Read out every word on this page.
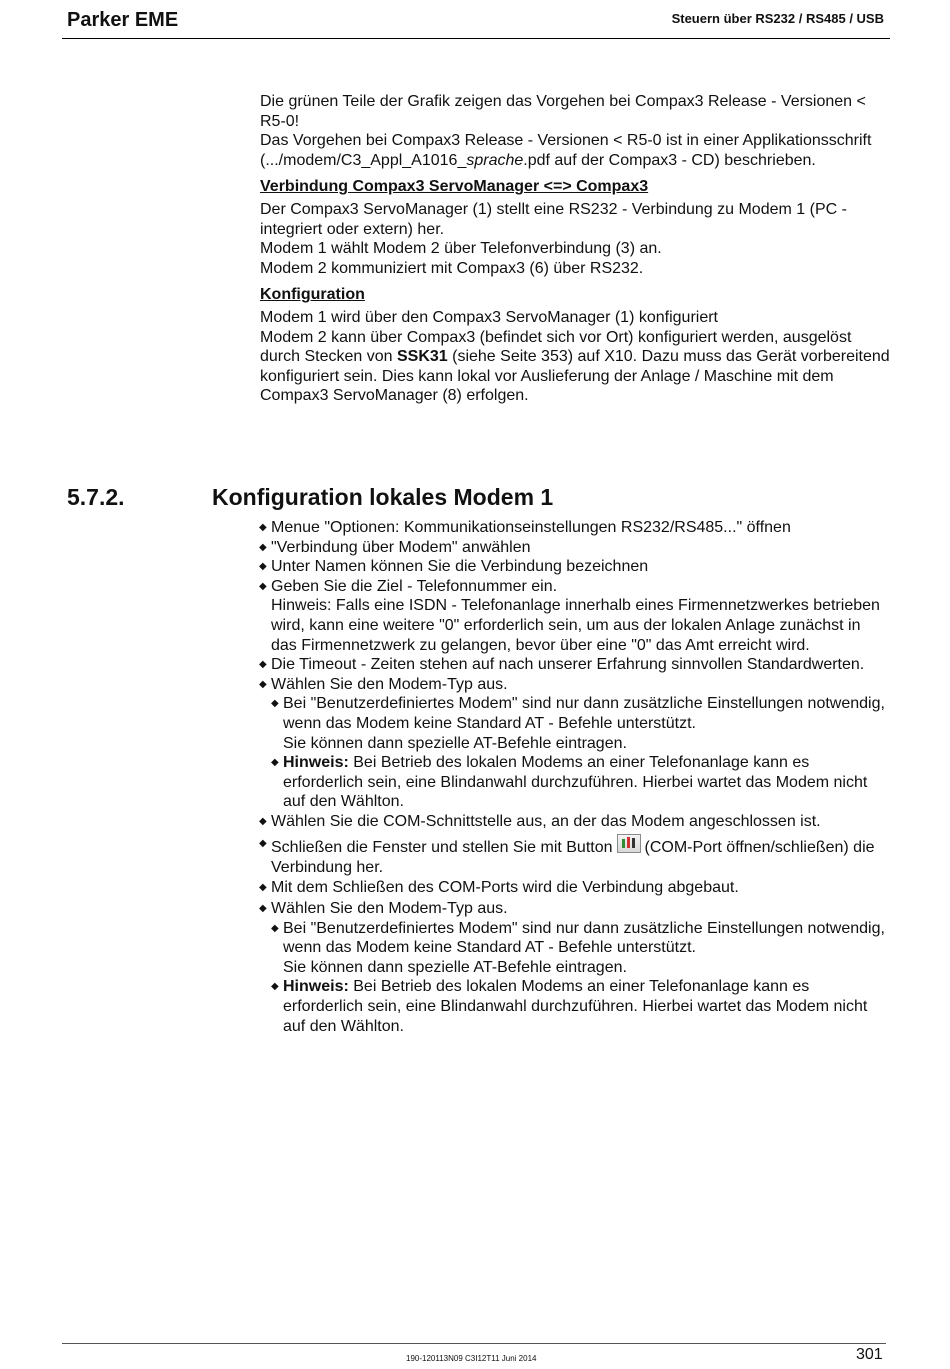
Parker EME	Steuern über RS232 / RS485 / USB

Die grünen Teile der Grafik zeigen das Vorgehen bei Compax3 Release - Versionen < R5-0!

Das Vorgehen bei Compax3 Release - Versionen < R5-0 ist in einer Applikationsschrift (.../modem/C3_Appl_A1016_sprache.pdf auf der Compax3 - CD) beschrieben.

Verbindung Compax3 ServoManager <=> Compax3

Der Compax3 ServoManager (1) stellt eine RS232 - Verbindung zu Modem 1 (PC - integriert oder extern) her.

Modem 1 wählt Modem 2 über Telefonverbindung (3) an.

Modem 2 kommuniziert mit Compax3 (6) über RS232.

Konfiguration

Modem 1 wird über den Compax3 ServoManager (1) konfiguriert

Modem 2 kann über Compax3 (befindet sich vor Ort) konfiguriert werden, ausgelöst durch Stecken von SSK31 (siehe Seite 353) auf X10. Dazu muss das Gerät vorbereitend konfiguriert sein. Dies kann lokal vor Auslieferung der Anlage / Maschine mit dem Compax3 ServoManager (8) erfolgen.

5.7.2.	Konfiguration lokales Modem 1
◆ Menue "Optionen: Kommunikationseinstellungen RS232/RS485..." öffnen
◆ "Verbindung über Modem" anwählen
◆ Unter Namen können Sie die Verbindung bezeichnen
◆ Geben Sie die Ziel - Telefonnummer ein.
Hinweis: Falls eine ISDN - Telefonanlage innerhalb eines Firmennetzwerkes betrieben wird, kann eine weitere "0" erforderlich sein, um aus der lokalen Anlage zunächst in das Firmennetzwerk zu gelangen, bevor über eine "0" das Amt erreicht wird.
◆ Die Timeout - Zeiten stehen auf nach unserer Erfahrung sinnvollen Standardwerten.
◆ Wählen Sie den Modem-Typ aus.
◆ Bei "Benutzerdefiniertes Modem" sind nur dann zusätzliche Einstellungen notwendig, wenn das Modem keine Standard AT - Befehle unterstützt.
Sie können dann spezielle AT-Befehle eintragen.
◆ Hinweis: Bei Betrieb des lokalen Modems an einer Telefonanlage kann es erforderlich sein, eine Blindanwahl durchzuführen. Hierbei wartet das Modem nicht auf den Wählton.
◆ Wählen Sie die COM-Schnittstelle aus, an der das Modem angeschlossen ist.
◆ Schließen die Fenster und stellen Sie mit Button (COM-Port öffnen/schließen) die Verbindung her.
◆ Mit dem Schließen des COM-Ports wird die Verbindung abgebaut.
◆ Wählen Sie den Modem-Typ aus.
◆ Bei "Benutzerdefiniertes Modem" sind nur dann zusätzliche Einstellungen notwendig, wenn das Modem keine Standard AT - Befehle unterstützt.
Sie können dann spezielle AT-Befehle eintragen.
◆ Hinweis: Bei Betrieb des lokalen Modems an einer Telefonanlage kann es erforderlich sein, eine Blindanwahl durchzuführen. Hierbei wartet das Modem nicht auf den Wählton.
190-120113N09 C3I12T11 Juni 2014	301
